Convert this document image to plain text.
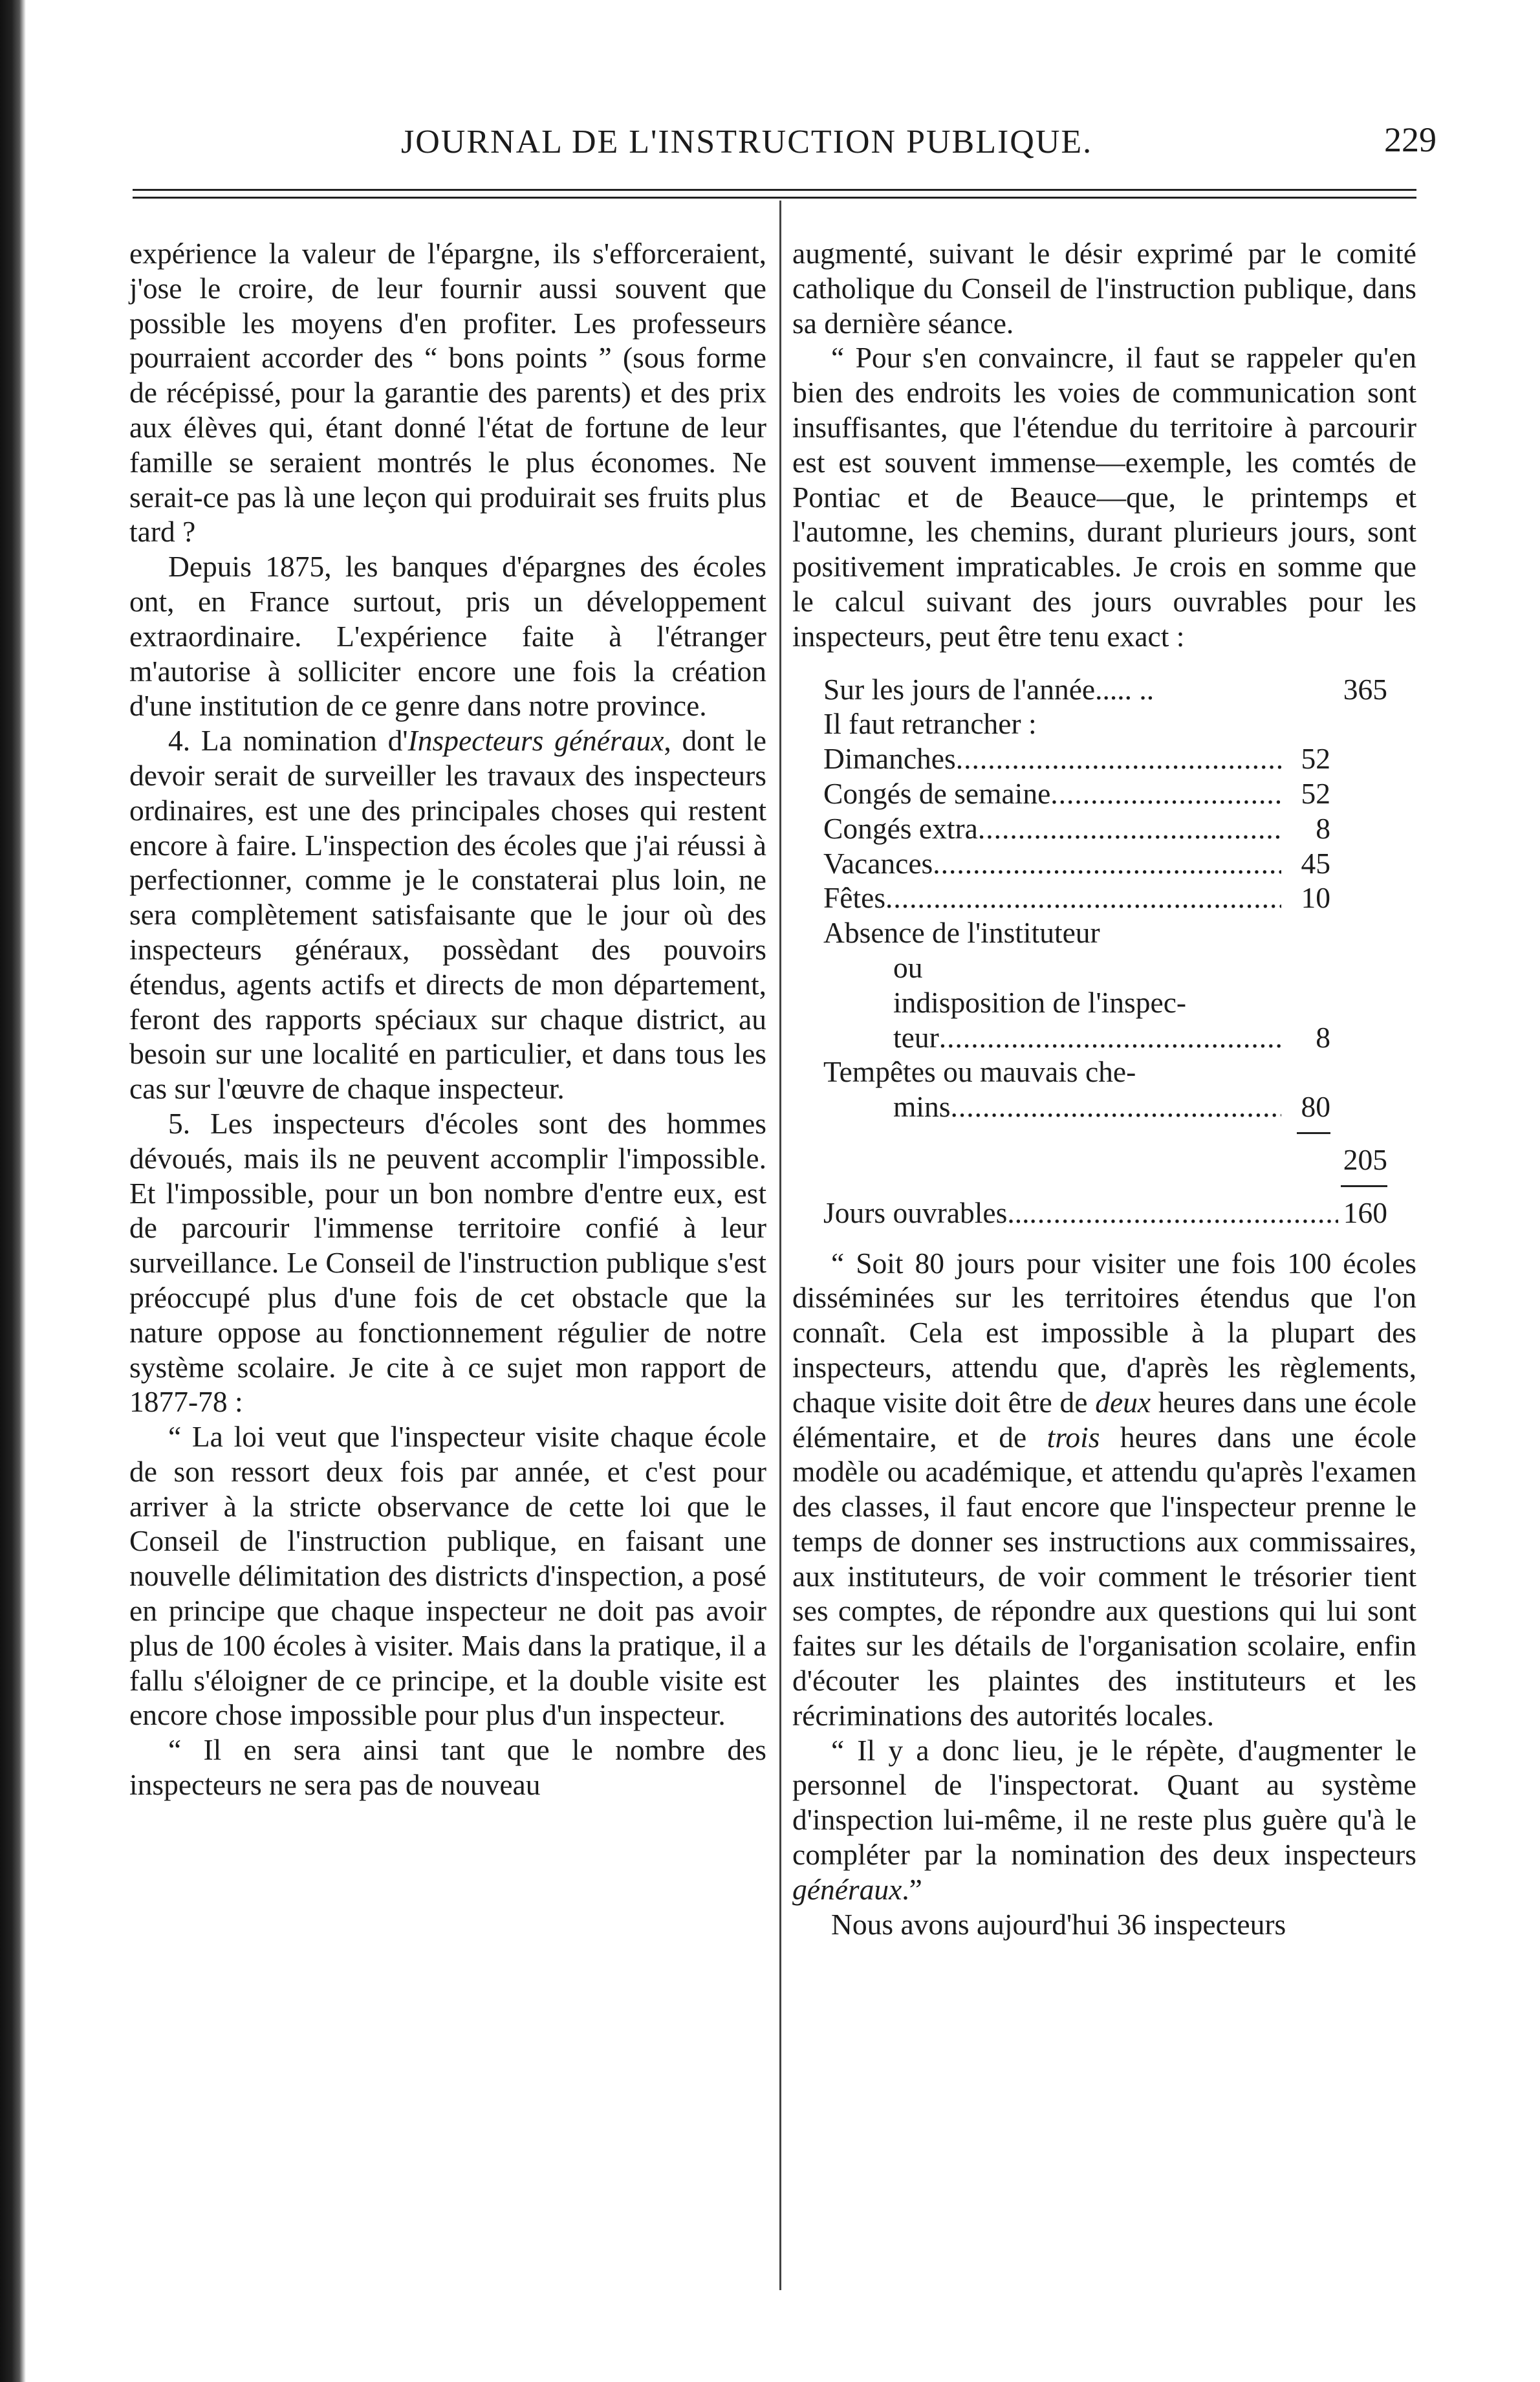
JOURNAL DE L'INSTRUCTION PUBLIQUE.	229

expérience la valeur de l'épargne, ils s'efforceraient, j'ose le croire, de leur fournir aussi souvent que possible les moyens d'en profiter. Les professeurs pourraient accorder des “ bons points ” (sous forme de récépissé, pour la garantie des parents) et des prix aux élèves qui, étant donné l'état de fortune de leur famille se seraient montrés le plus économes. Ne serait-ce pas là une leçon qui produirait ses fruits plus tard ?

Depuis 1875, les banques d'épargnes des écoles ont, en France surtout, pris un développement extraordinaire. L'expérience faite à l'étranger m'autorise à solliciter encore une fois la création d'une institution de ce genre dans notre province.

4. La nomination d'Inspecteurs généraux, dont le devoir serait de surveiller les travaux des inspecteurs ordinaires, est une des principales choses qui restent encore à faire. L'inspection des écoles que j'ai réussi à perfectionner, comme je le constaterai plus loin, ne sera complètement satisfaisante que le jour où des inspecteurs généraux, possèdant des pouvoirs étendus, agents actifs et directs de mon département, feront des rapports spéciaux sur chaque district, au besoin sur une localité en particulier, et dans tous les cas sur l'œuvre de chaque inspecteur.

5. Les inspecteurs d'écoles sont des hommes dévoués, mais ils ne peuvent accomplir l'impossible. Et l'impossible, pour un bon nombre d'entre eux, est de parcourir l'immense territoire confié à leur surveillance. Le Conseil de l'instruction publique s'est préoccupé plus d'une fois de cet obstacle que la nature oppose au fonctionnement régulier de notre système scolaire. Je cite à ce sujet mon rapport de 1877-78 :

“ La loi veut que l'inspecteur visite chaque école de son ressort deux fois par année, et c'est pour arriver à la stricte observance de cette loi que le Conseil de l'instruction publique, en faisant une nouvelle délimitation des districts d'inspection, a posé en principe que chaque inspecteur ne doit pas avoir plus de 100 écoles à visiter. Mais dans la pratique, il a fallu s'éloigner de ce principe, et la double visite est encore chose impossible pour plus d'un inspecteur.

“ Il en sera ainsi tant que le nombre des inspecteurs ne sera pas de nouveau

augmenté, suivant le désir exprimé par le comité catholique du Conseil de l'instruction publique, dans sa dernière séance.

“ Pour s'en convaincre, il faut se rappeler qu'en bien des endroits les voies de communication sont insuffisantes, que l'étendue du territoire à parcourir est est souvent immense—exemple, les comtés de Pontiac et de Beauce—que, le printemps et l'automne, les chemins, durant plurieurs jours, sont positivement impraticables. Je crois en somme que le calcul suivant des jours ouvrables pour les inspecteurs, peut être tenu exact :

Sur les jours de l'année..... ..	365
Il faut retrancher :
Dimanches .....	52
Congés de semaine .....	52
Congés extra .....	8
Vacances .....	45
Fêtes .....	10
Absence de l'instituteur
ou
indisposition de l'inspec-
teur .....	8
Tempêtes ou mauvais che-
mins .....	80
205
Jours ouvrables... .....	160

“ Soit 80 jours pour visiter une fois 100 écoles disséminées sur les territoires étendus que l'on connaît. Cela est impossible à la plupart des inspecteurs, attendu que, d'après les règlements, chaque visite doit être de deux heures dans une école élémentaire, et de trois heures dans une école modèle ou académique, et attendu qu'après l'examen des classes, il faut encore que l'inspecteur prenne le temps de donner ses instructions aux commissaires, aux instituteurs, de voir comment le trésorier tient ses comptes, de répondre aux questions qui lui sont faites sur les détails de l'organisation scolaire, enfin d'écouter les plaintes des instituteurs et les récriminations des autorités locales.

“ Il y a donc lieu, je le répète, d'augmenter le personnel de l'inspectorat. Quant au système d'inspection lui-même, il ne reste plus guère qu'à le compléter par la nomination des deux inspecteurs généraux.”

Nous avons aujourd'hui 36 inspecteurs
